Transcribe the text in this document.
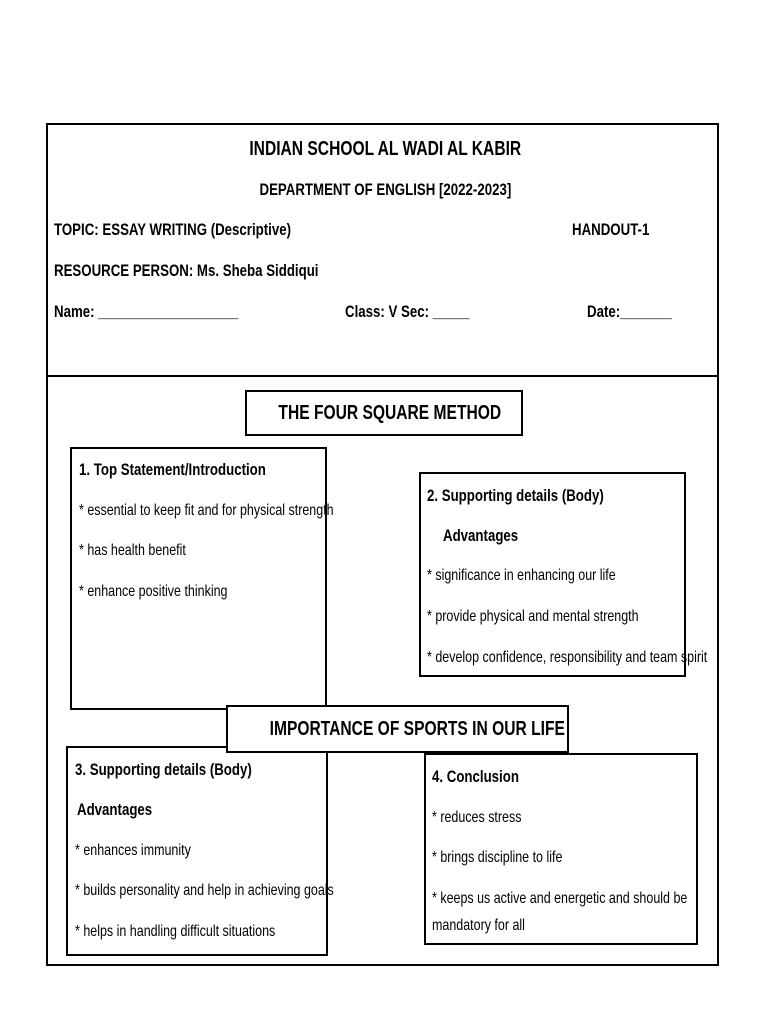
INDIAN SCHOOL AL WADI AL KABIR
DEPARTMENT OF ENGLISH [2022-2023]
TOPIC: ESSAY WRITING (Descriptive)	HANDOUT-1
RESOURCE PERSON: Ms. Sheba Siddiqui
Name: ___________________	Class: V Sec: _____	Date:_______
THE FOUR SQUARE METHOD
1. Top Statement/Introduction
* essential to keep fit and for physical strength
* has health benefit
* enhance positive thinking
2. Supporting details (Body)
Advantages
* significance in enhancing our life
* provide physical and mental strength
* develop confidence, responsibility and team spirit
3. Supporting details (Body)
Advantages
* enhances immunity
* builds personality and help in achieving goals
* helps in handling difficult situations
IMPORTANCE OF SPORTS IN OUR LIFE
4. Conclusion
* reduces stress
* brings discipline to life
* keeps us active and energetic and should be
mandatory for all
